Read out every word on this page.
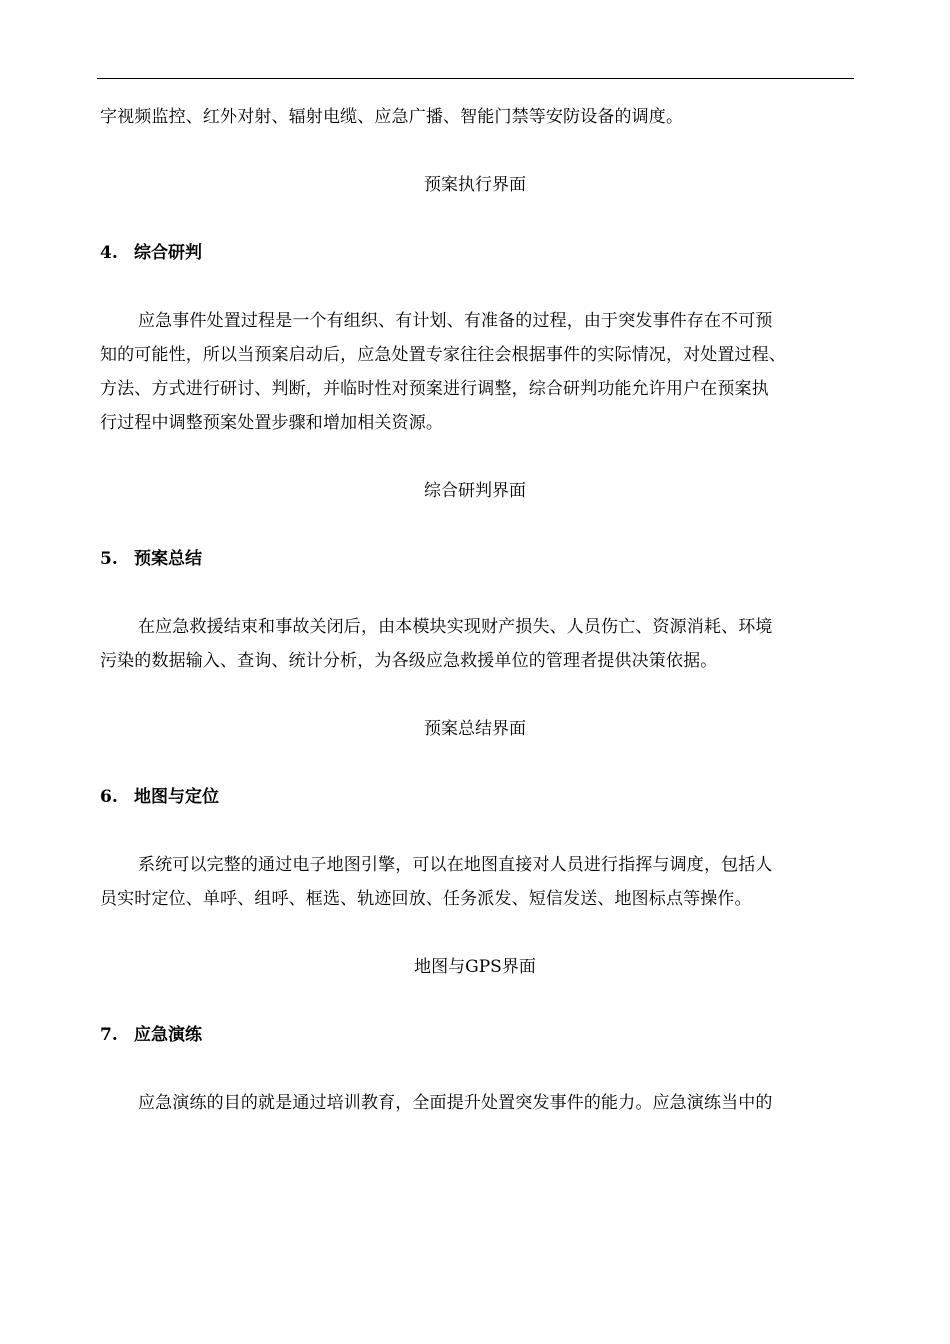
字视频监控、红外对射、辐射电缆、应急广播、智能门禁等安防设备的调度。
预案执行界面
4. 综合研判
应急事件处置过程是一个有组织、有计划、有准备的过程，由于突发事件存在不可预
知的可能性，所以当预案启动后，应急处置专家往往会根据事件的实际情况，对处置过程、
方法、方式进行研讨、判断，并临时性对预案进行调整，综合研判功能允许用户在预案执
行过程中调整预案处置步骤和增加相关资源。
综合研判界面
5. 预案总结
在应急救援结束和事故关闭后，由本模块实现财产损失、人员伤亡、资源消耗、环境
污染的数据输入、查询、统计分析，为各级应急救援单位的管理者提供决策依据。
预案总结界面
6. 地图与定位
系统可以完整的通过电子地图引擎，可以在地图直接对人员进行指挥与调度，包括人
员实时定位、单呼、组呼、框选、轨迹回放、任务派发、短信发送、地图标点等操作。
地图与GPS界面
7. 应急演练
应急演练的目的就是通过培训教育，全面提升处置突发事件的能力。应急演练当中的
